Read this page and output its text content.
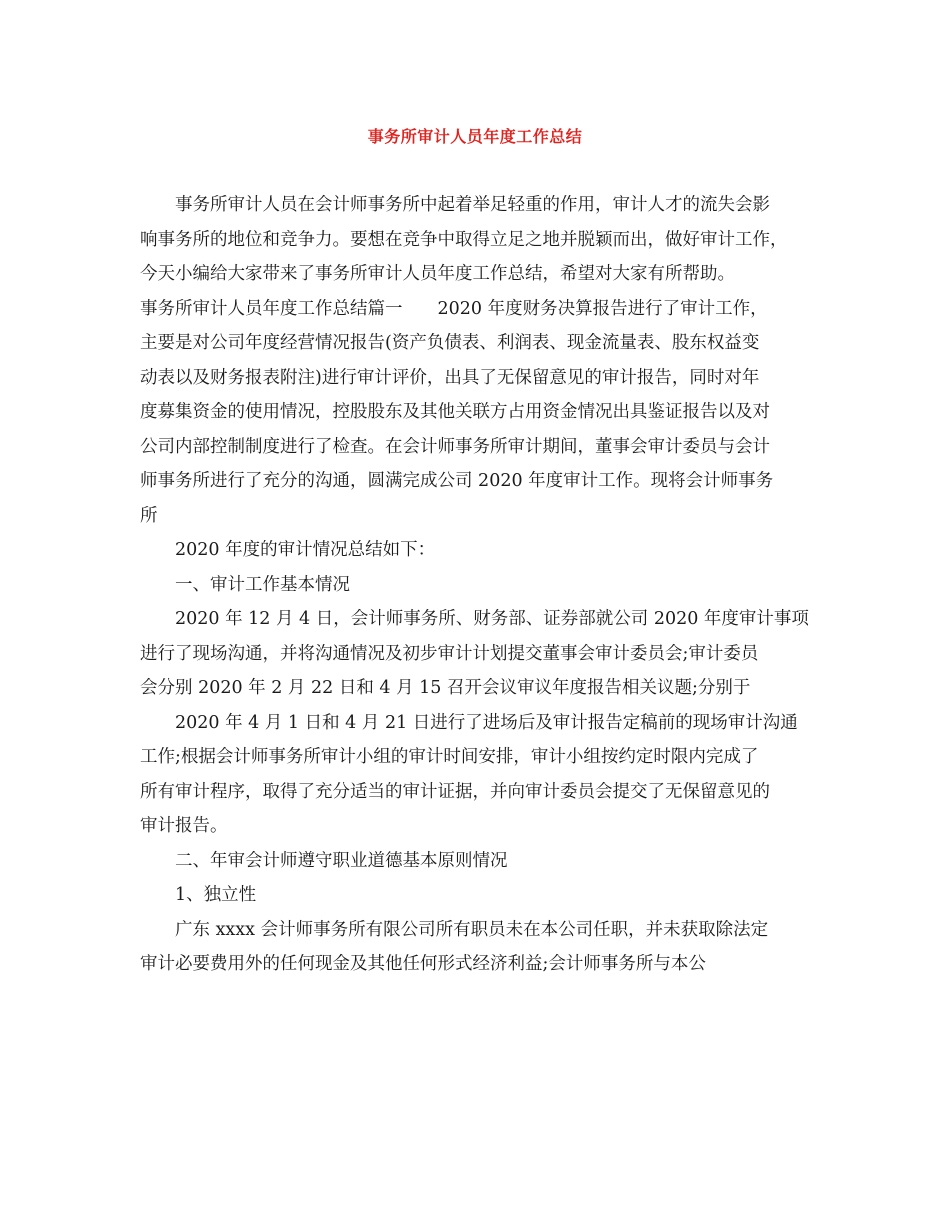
事务所审计人员年度工作总结
事务所审计人员在会计师事务所中起着举足轻重的作用，审计人才的流失会影
响事务所的地位和竞争力。要想在竞争中取得立足之地并脱颖而出，做好审计工作，
今天小编给大家带来了事务所审计人员年度工作总结，希望对大家有所帮助。
事务所审计人员年度工作总结篇一　　2020 年度财务决算报告进行了审计工作，
主要是对公司年度经营情况报告(资产负债表、利润表、现金流量表、股东权益变
动表以及财务报表附注)进行审计评价，出具了无保留意见的审计报告，同时对年
度募集资金的使用情况，控股股东及其他关联方占用资金情况出具鉴证报告以及对
公司内部控制制度进行了检查。在会计师事务所审计期间，董事会审计委员与会计
师事务所进行了充分的沟通，圆满完成公司 2020 年度审计工作。现将会计师事务
所
2020 年度的审计情况总结如下：
一、审计工作基本情况
2020 年 12 月 4 日，会计师事务所、财务部、证券部就公司 2020 年度审计事项
进行了现场沟通，并将沟通情况及初步审计计划提交董事会审计委员会;审计委员
会分别 2020 年 2 月 22 日和 4 月 15 召开会议审议年度报告相关议题;分别于
2020 年 4 月 1 日和 4 月 21 日进行了进场后及审计报告定稿前的现场审计沟通
工作;根据会计师事务所审计小组的审计时间安排，审计小组按约定时限内完成了
所有审计程序，取得了充分适当的审计证据，并向审计委员会提交了无保留意见的
审计报告。
二、年审会计师遵守职业道德基本原则情况
1、独立性
广东 xxxx 会计师事务所有限公司所有职员未在本公司任职，并未获取除法定
审计必要费用外的任何现金及其他任何形式经济利益;会计师事务所与本公
